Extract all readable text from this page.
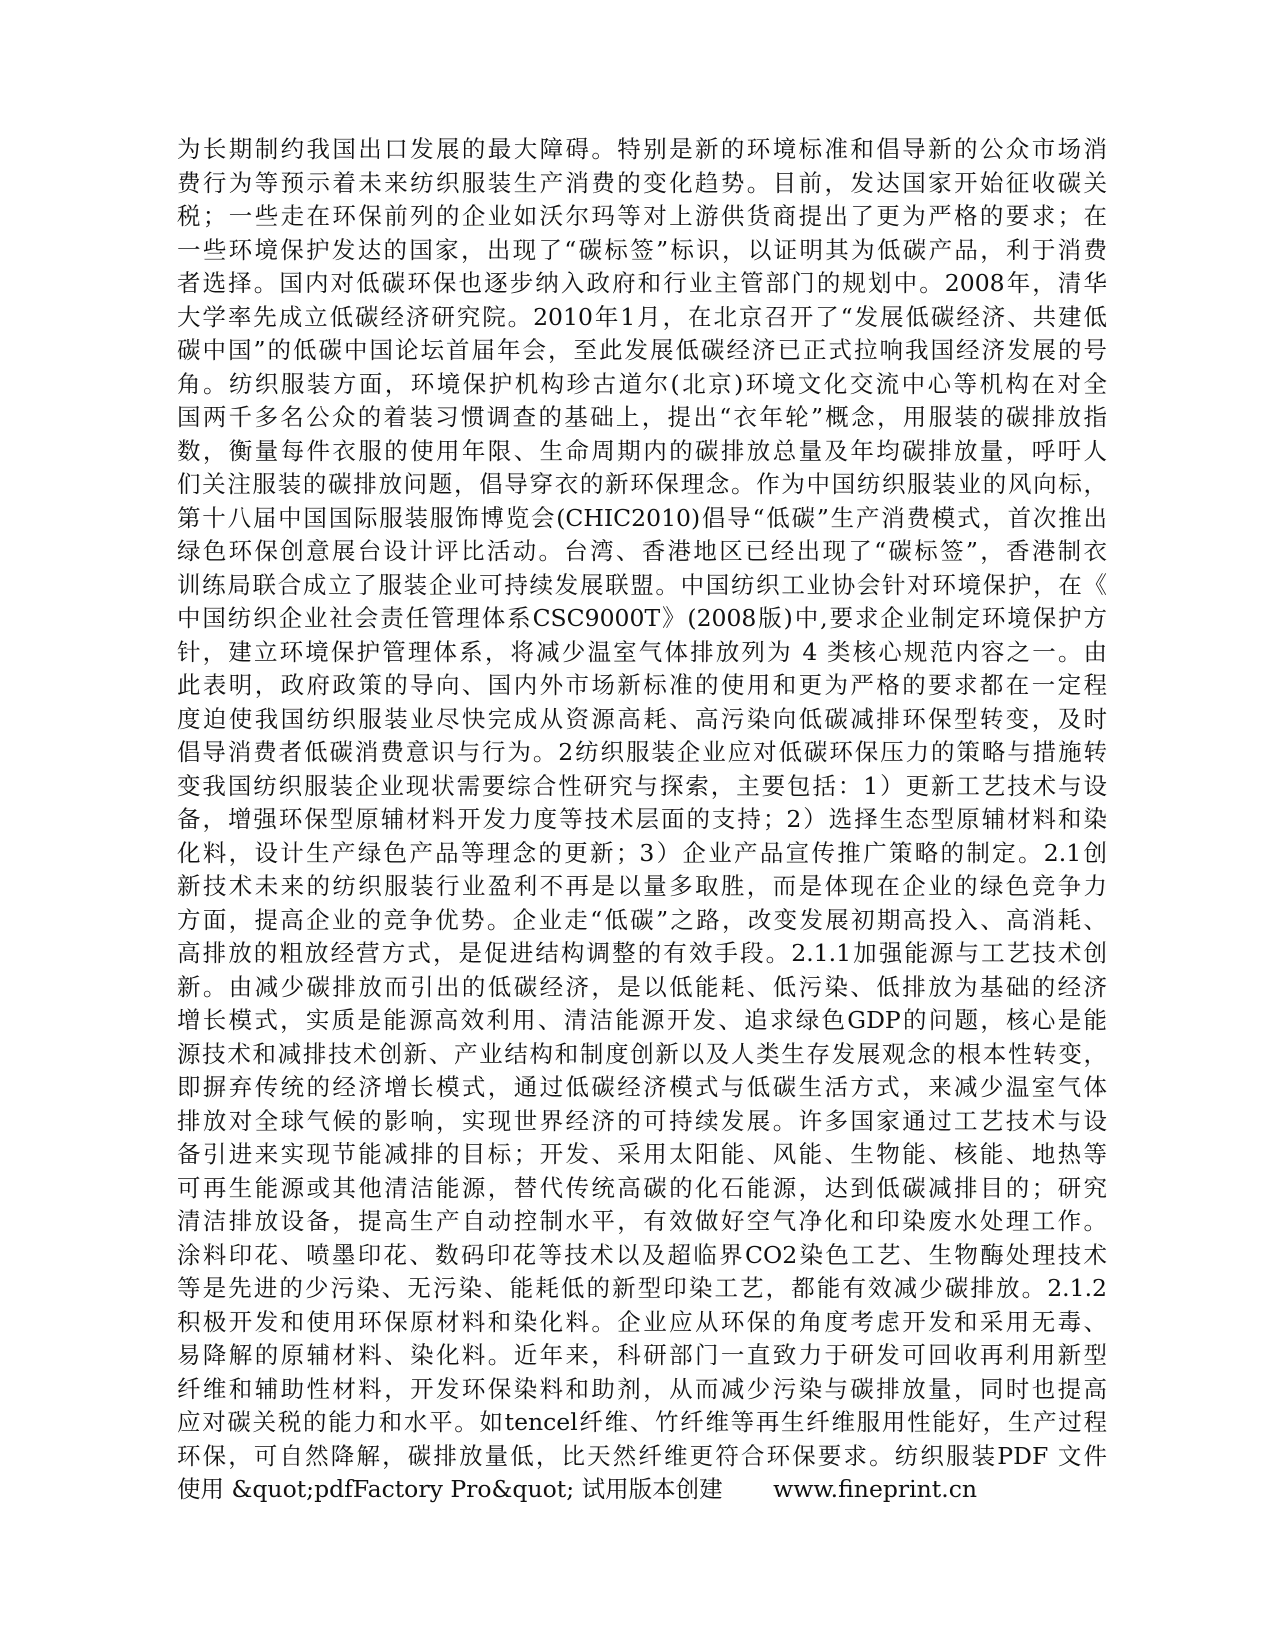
为长期制约我国出口发展的最大障碍。特别是新的环境标准和倡导新的公众市场消
费行为等预示着未来纺织服装生产消费的变化趋势。目前，发达国家开始征收碳关
税；一些走在环保前列的企业如沃尔玛等对上游供货商提出了更为严格的要求；在
一些环境保护发达的国家，出现了“碳标签”标识，以证明其为低碳产品，利于消费
者选择。国内对低碳环保也逐步纳入政府和行业主管部门的规划中。2008年，清华
大学率先成立低碳经济研究院。2010年1月，在北京召开了“发展低碳经济、共建低
碳中国”的低碳中国论坛首届年会，至此发展低碳经济已正式拉响我国经济发展的号
角。纺织服装方面，环境保护机构珍古道尔(北京)环境文化交流中心等机构在对全
国两千多名公众的着装习惯调查的基础上，提出“衣年轮”概念，用服装的碳排放指
数，衡量每件衣服的使用年限、生命周期内的碳排放总量及年均碳排放量，呼吁人
们关注服装的碳排放问题，倡导穿衣的新环保理念。作为中国纺织服装业的风向标，
第十八届中国国际服装服饰博览会(CHIC2010)倡导“低碳”生产消费模式，首次推出
绿色环保创意展台设计评比活动。台湾、香港地区已经出现了“碳标签”，香港制衣
训练局联合成立了服装企业可持续发展联盟。中国纺织工业协会针对环境保护，在《
中国纺织企业社会责任管理体系CSC9000T》(2008版)中,要求企业制定环境保护方
针，建立环境保护管理体系，将减少温室气体排放列为 4 类核心规范内容之一。由
此表明，政府政策的导向、国内外市场新标准的使用和更为严格的要求都在一定程
度迫使我国纺织服装业尽快完成从资源高耗、高污染向低碳减排环保型转变，及时
倡导消费者低碳消费意识与行为。2纺织服装企业应对低碳环保压力的策略与措施转
变我国纺织服装企业现状需要综合性研究与探索，主要包括：1）更新工艺技术与设
备，增强环保型原辅材料开发力度等技术层面的支持；2）选择生态型原辅材料和染
化料，设计生产绿色产品等理念的更新；3）企业产品宣传推广策略的制定。2.1创
新技术未来的纺织服装行业盈利不再是以量多取胜，而是体现在企业的绿色竞争力
方面，提高企业的竞争优势。企业走“低碳”之路，改变发展初期高投入、高消耗、
高排放的粗放经营方式，是促进结构调整的有效手段。2.1.1加强能源与工艺技术创
新。由减少碳排放而引出的低碳经济，是以低能耗、低污染、低排放为基础的经济
增长模式，实质是能源高效利用、清洁能源开发、追求绿色GDP的问题，核心是能
源技术和减排技术创新、产业结构和制度创新以及人类生存发展观念的根本性转变，
即摒弃传统的经济增长模式，通过低碳经济模式与低碳生活方式，来减少温室气体
排放对全球气候的影响，实现世界经济的可持续发展。许多国家通过工艺技术与设
备引进来实现节能减排的目标；开发、采用太阳能、风能、生物能、核能、地热等
可再生能源或其他清洁能源，替代传统高碳的化石能源，达到低碳减排目的；研究
清洁排放设备，提高生产自动控制水平，有效做好空气净化和印染废水处理工作。
涂料印花、喷墨印花、数码印花等技术以及超临界CO2染色工艺、生物酶处理技术
等是先进的少污染、无污染、能耗低的新型印染工艺，都能有效减少碳排放。2.1.2
积极开发和使用环保原材料和染化料。企业应从环保的角度考虑开发和采用无毒、
易降解的原辅材料、染化料。近年来，科研部门一直致力于研发可回收再利用新型
纤维和辅助性材料，开发环保染料和助剂，从而减少污染与碳排放量，同时也提高
应对碳关税的能力和水平。如tencel纤维、竹纤维等再生纤维服用性能好，生产过程
环保，可自然降解，碳排放量低，比天然纤维更符合环保要求。纺织服装PDF 文件
使用 &quot;pdfFactory Pro&quot; 试用版本创建 www.fineprint.cn
